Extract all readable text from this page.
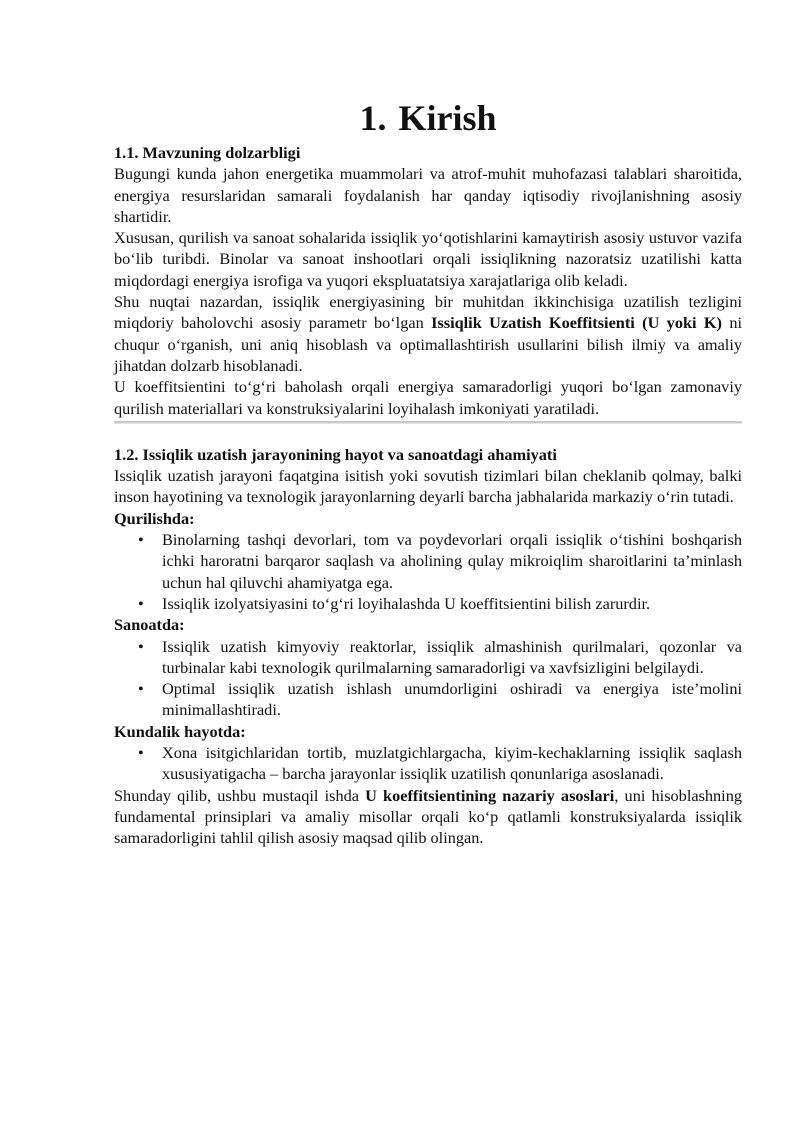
1. Kirish
1.1. Mavzuning dolzarbligi

Bugungi kunda jahon energetika muammolari va atrof-muhit muhofazasi talablari sharoitida, energiya resurslaridan samarali foydalanish har qanday iqtisodiy rivojlanishning asosiy shartidir.

Xususan, qurilish va sanoat sohalarida issiqlik yo‘qotishlarini kamaytirish asosiy ustuvor vazifa bo‘lib turibdi. Binolar va sanoat inshootlari orqali issiqlikning nazoratsiz uzatilishi katta miqdordagi energiya isrofiga va yuqori ekspluatatsiya xarajatlariga olib keladi.

Shu nuqtai nazardan, issiqlik energiyasining bir muhitdan ikkinchisiga uzatilish tezligini miqdoriy baholovchi asosiy parametr bo‘lgan Issiqlik Uzatish Koeffitsienti (U yoki K) ni chuqur o‘rganish, uni aniq hisoblash va optimallashtirish usullarini bilish ilmiy va amaliy jihatdan dolzarb hisoblanadi.

U koeffitsientini to‘g‘ri baholash orqali energiya samaradorligi yuqori bo‘lgan zamonaviy qurilish materiallari va konstruksiyalarini loyihalash imkoniyati yaratiladi.

1.2. Issiqlik uzatish jarayonining hayot va sanoatdagi ahamiyati

Issiqlik uzatish jarayoni faqatgina isitish yoki sovutish tizimlari bilan cheklanib qolmay, balki inson hayotining va texnologik jarayonlarning deyarli barcha jabhalarida markaziy o‘rin tutadi.

Qurilishda:
• Binolarning tashqi devorlari, tom va poydevorlari orqali issiqlik o‘tishini boshqarish ichki haroratni barqaror saqlash va aholining qulay mikroiqlim sharoitlarini ta’minlash uchun hal qiluvchi ahamiyatga ega.
• Issiqlik izolyatsiyasini to‘g‘ri loyihalashda U koeffitsientini bilish zarurdir.
Sanoatda:
• Issiqlik uzatish kimyoviy reaktorlar, issiqlik almashinish qurilmalari, qozonlar va turbinalar kabi texnologik qurilmalarning samaradorligi va xavfsizligini belgilaydi.
• Optimal issiqlik uzatish ishlash unumdorligini oshiradi va energiya iste’molini minimallashtiradi.
Kundalik hayotda:
• Xona isitgichlaridan tortib, muzlatgichlargacha, kiyim-kechaklarning issiqlik saqlash xususiyatigacha – barcha jarayonlar issiqlik uzatilish qonunlariga asoslanadi.

Shunday qilib, ushbu mustaqil ishda U koeffitsientining nazariy asoslari, uni hisoblashning fundamental prinsiplari va amaliy misollar orqali ko‘p qatlamli konstruksiyalarda issiqlik samaradorligini tahlil qilish asosiy maqsad qilib olingan.
